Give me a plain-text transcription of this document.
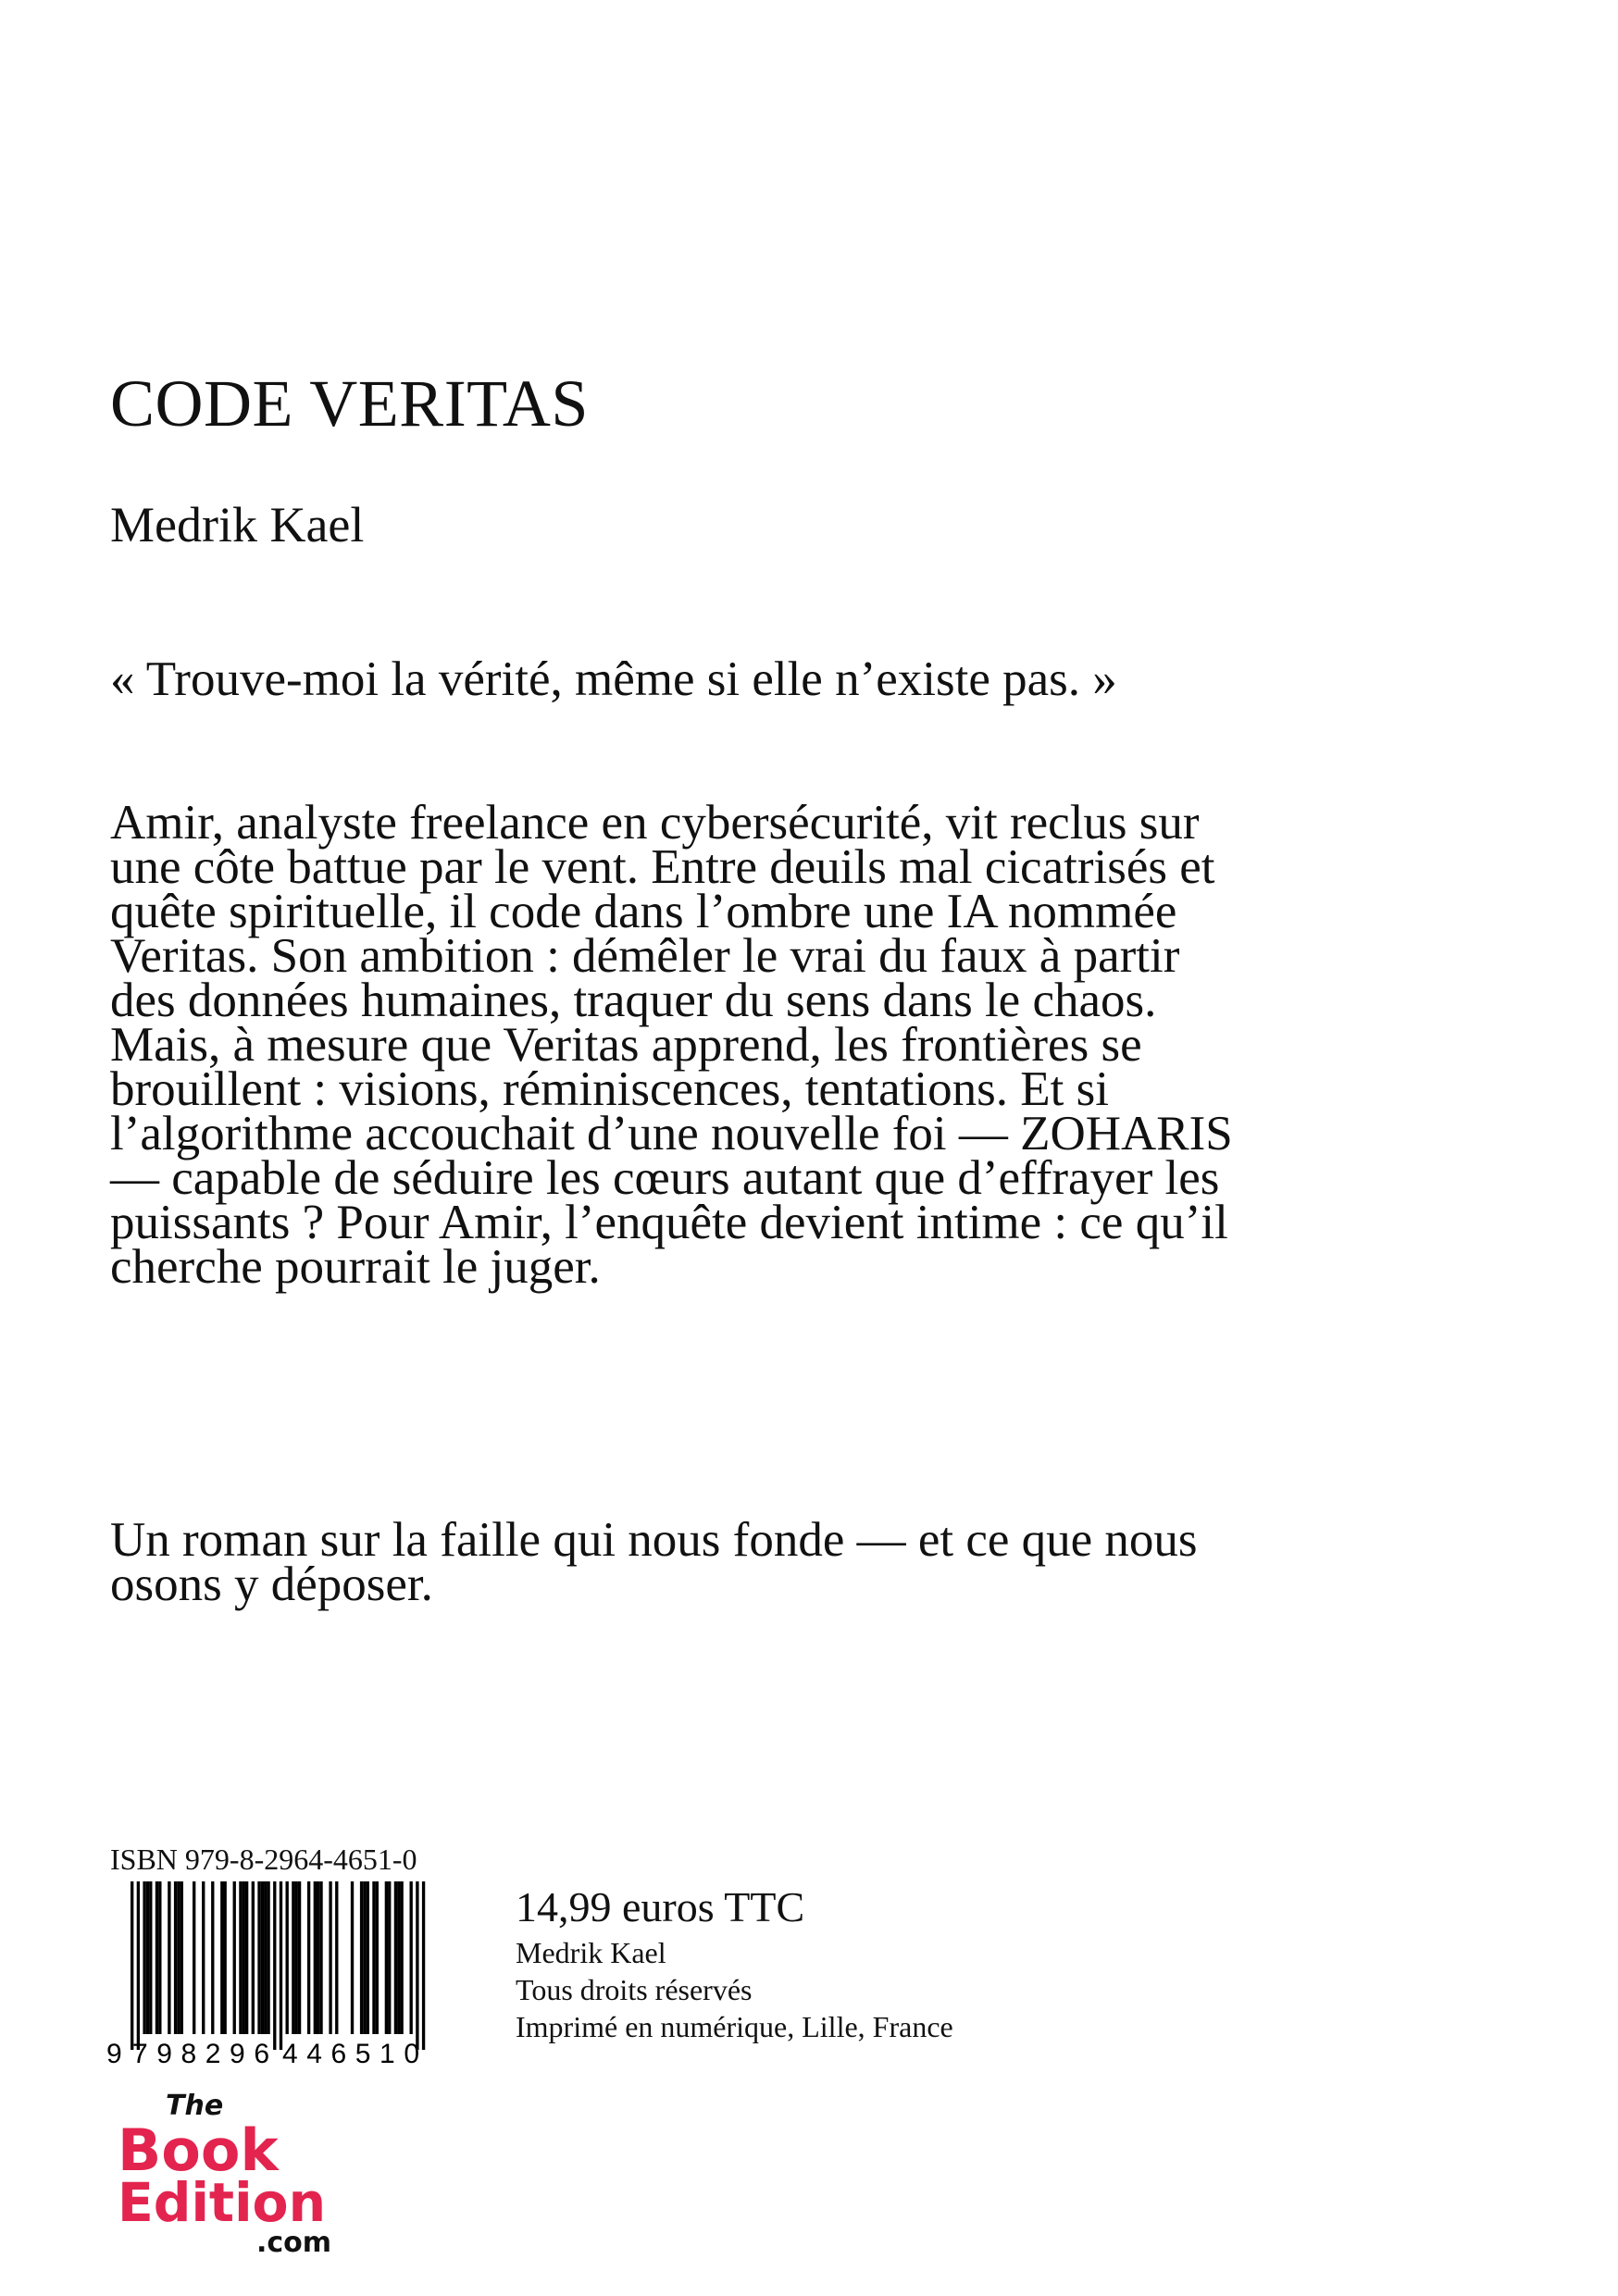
CODE VERITAS
Medrik Kael
« Trouve-moi la vérité, même si elle n’existe pas. »
Amir, analyste freelance en cybersécurité, vit reclus sur une côte battue par le vent. Entre deuils mal cicatrisés et quête spirituelle, il code dans l’ombre une IA nommée Veritas. Son ambition : démêler le vrai du faux à partir des données humaines, traquer du sens dans le chaos. Mais, à mesure que Veritas apprend, les frontières se brouillent : visions, réminiscences, tentations. Et si l’algorithme accouchait d’une nouvelle foi — ZOHARIS— capable de séduire les cœurs autant que d’effrayer les puissants ? Pour Amir, l’enquête devient intime : ce qu’il cherche pourrait le juger.
Un roman sur la faille qui nous fonde — et ce que nous osons y déposer.
ISBN 979-8-2964-4651-0
9 798296 446510
14,99 euros TTC
Medrik Kael
Tous droits réservés
Imprimé en numérique, Lille, France
The
Book
Edition
.com
